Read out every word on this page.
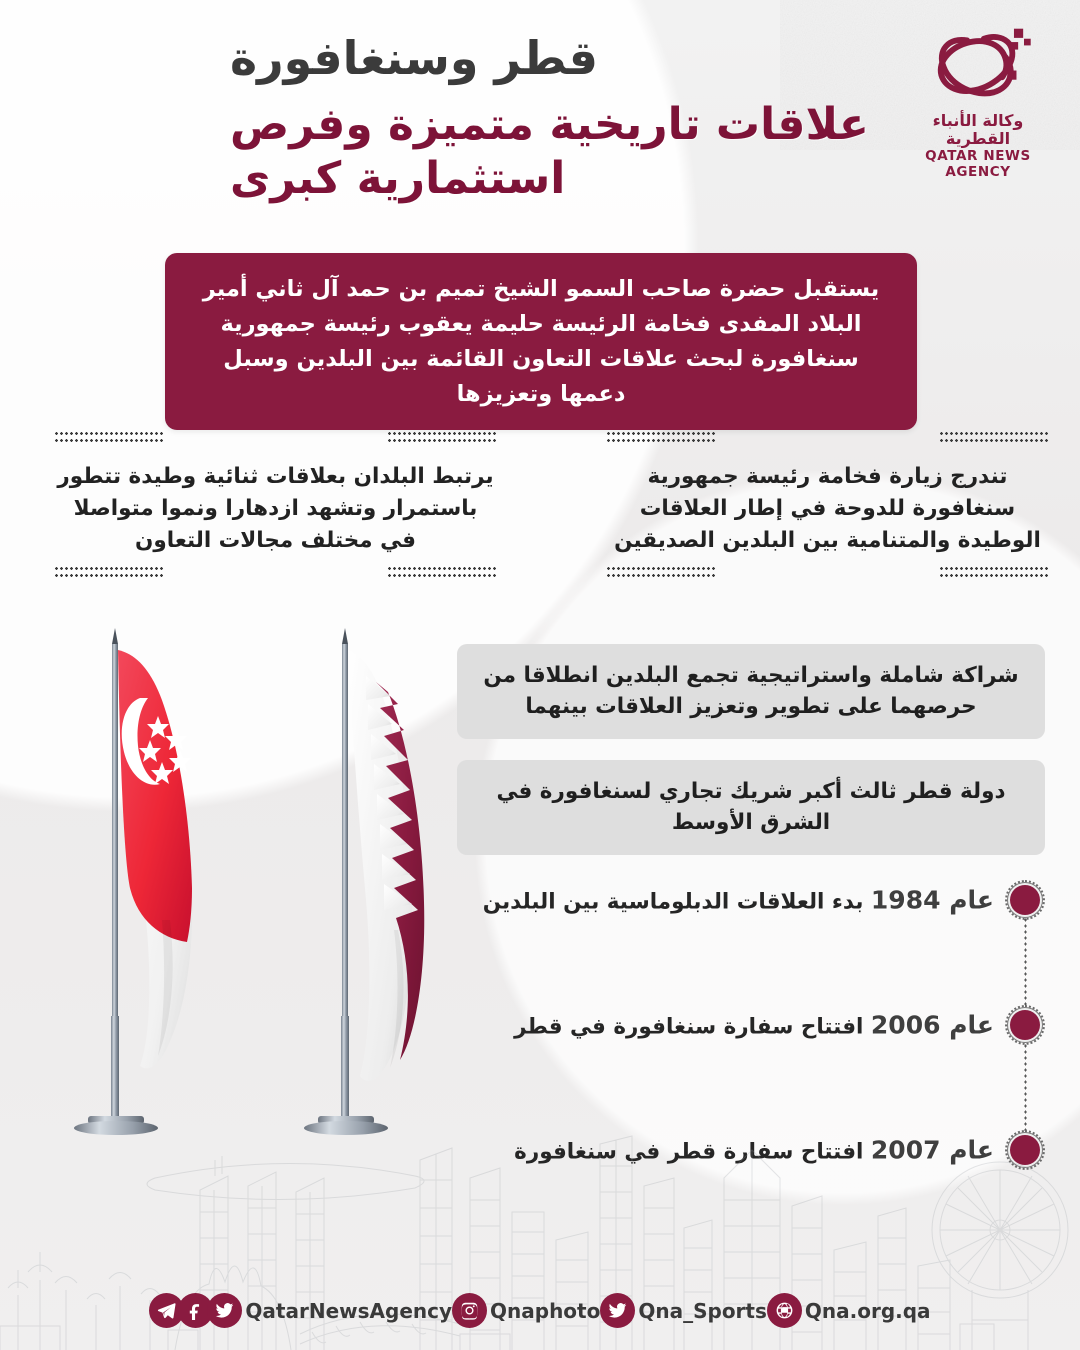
وكالة الأنباء القطرية
QATAR NEWS AGENCY
قطر وسنغافورة
علاقات تاريخية متميزة وفرص استثمارية كبرى
يستقبل حضرة صاحب السمو الشيخ تميم بن حمد آل ثاني أمير البلاد المفدى فخامة الرئيسة حليمة يعقوب رئيسة جمهورية سنغافورة لبحث علاقات التعاون القائمة بين البلدين وسبل دعمها وتعزيزها

تندرج زيارة فخامة رئيسة جمهورية سنغافورة للدوحة في إطار العلاقات الوطيدة والمتنامية بين البلدين الصديقين

يرتبط البلدان بعلاقات ثنائية وطيدة تتطور باستمرار وتشهد ازدهارا ونموا متواصلا في مختلف مجالات التعاون

شراكة شاملة واستراتيجية تجمع البلدين انطلاقا من حرصهما على تطوير وتعزيز العلاقات بينهما
دولة قطر ثالث أكبر شريك تجاري لسنغافورة في الشرق الأوسط
عام 1984 بدء العلاقات الدبلوماسية بين البلدين
عام 2006 افتتاح سفارة سنغافورة في قطر
عام 2007 افتتاح سفارة قطر في سنغافورة
QatarNewsAgency Qnaphoto Qna_Sports Qna.org.qa
